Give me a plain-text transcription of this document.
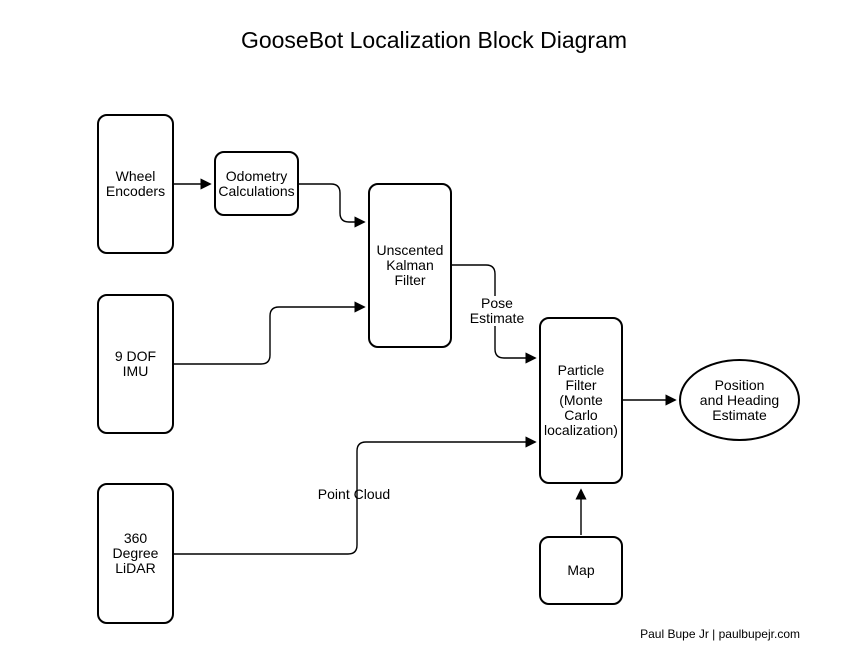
GooseBot Localization Block Diagram
Wheel
Encoders
Odometry
Calculations
Unscented
Kalman
Filter
9 DOF
IMU
360 Degree
LiDAR
Particle Filter
(Monte Carlo
localization)
Map
Position
and Heading
Estimate
Pose Estimate
Point Cloud
Paul Bupe Jr | paulbupejr.com
